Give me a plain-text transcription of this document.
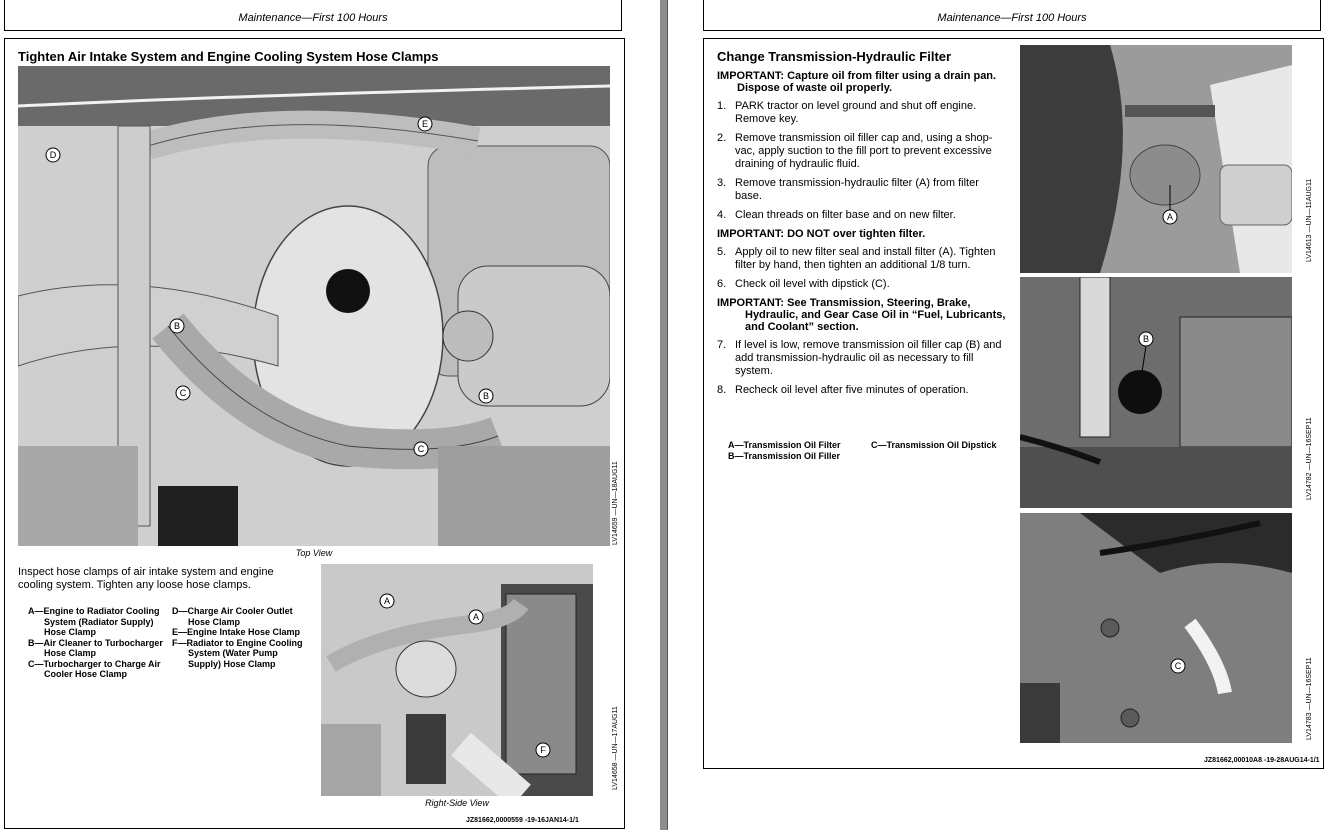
Maintenance—First 100 Hours
Tighten Air Intake System and Engine Cooling System Hose Clamps
D
E
B
C	B
C
LV14659 —UN—18AUG11
Top View
Inspect hose clamps of air intake system and engine cooling system. Tighten any loose hose clamps.
A—Engine to Radiator Cooling System (Radiator Supply) Hose Clamp
B—Air Cleaner to Turbocharger Hose Clamp
C—Turbocharger to Charge Air Cooler Hose Clamp
D—Charge Air Cooler Outlet Hose Clamp
E—Engine Intake Hose Clamp
F—Radiator to Engine Cooling System (Water Pump Supply) Hose Clamp
A
A
F	LV14658 —UN—17AUG11
Right-Side View
JZ81662,0000559 -19-16JAN14-1/1
Maintenance—First 100 Hours
Change Transmission-Hydraulic Filter
IMPORTANT: Capture oil from filter using a drain pan. Dispose of waste oil properly.
1. PARK tractor on level ground and shut off engine. Remove key.
2. Remove transmission oil filler cap and, using a shop-vac, apply suction to the fill port to prevent excessive draining of hydraulic fluid.
3. Remove transmission-hydraulic filter (A) from filter base.
4. Clean threads on filter base and on new filter.
IMPORTANT: DO NOT over tighten filter.
5. Apply oil to new filter seal and install filter (A). Tighten filter by hand, then tighten an additional 1/8 turn.
6. Check oil level with dipstick (C).
IMPORTANT: See Transmission, Steering, Brake, Hydraulic, and Gear Case Oil in “Fuel, Lubricants, and Coolant” section.
7. If level is low, remove transmission oil filler cap (B) and add transmission-hydraulic oil as necessary to fill system.
8. Recheck oil level after five minutes of operation.
A—Transmission Oil Filter
B—Transmission Oil Filler
C—Transmission Oil Dipstick
A	LV14613 —UN—11AUG11
B
LV14782 —UN—16SEP11
C	LV14783 —UN—16SEP11
JZ81662,00010A8 -19-28AUG14-1/1
